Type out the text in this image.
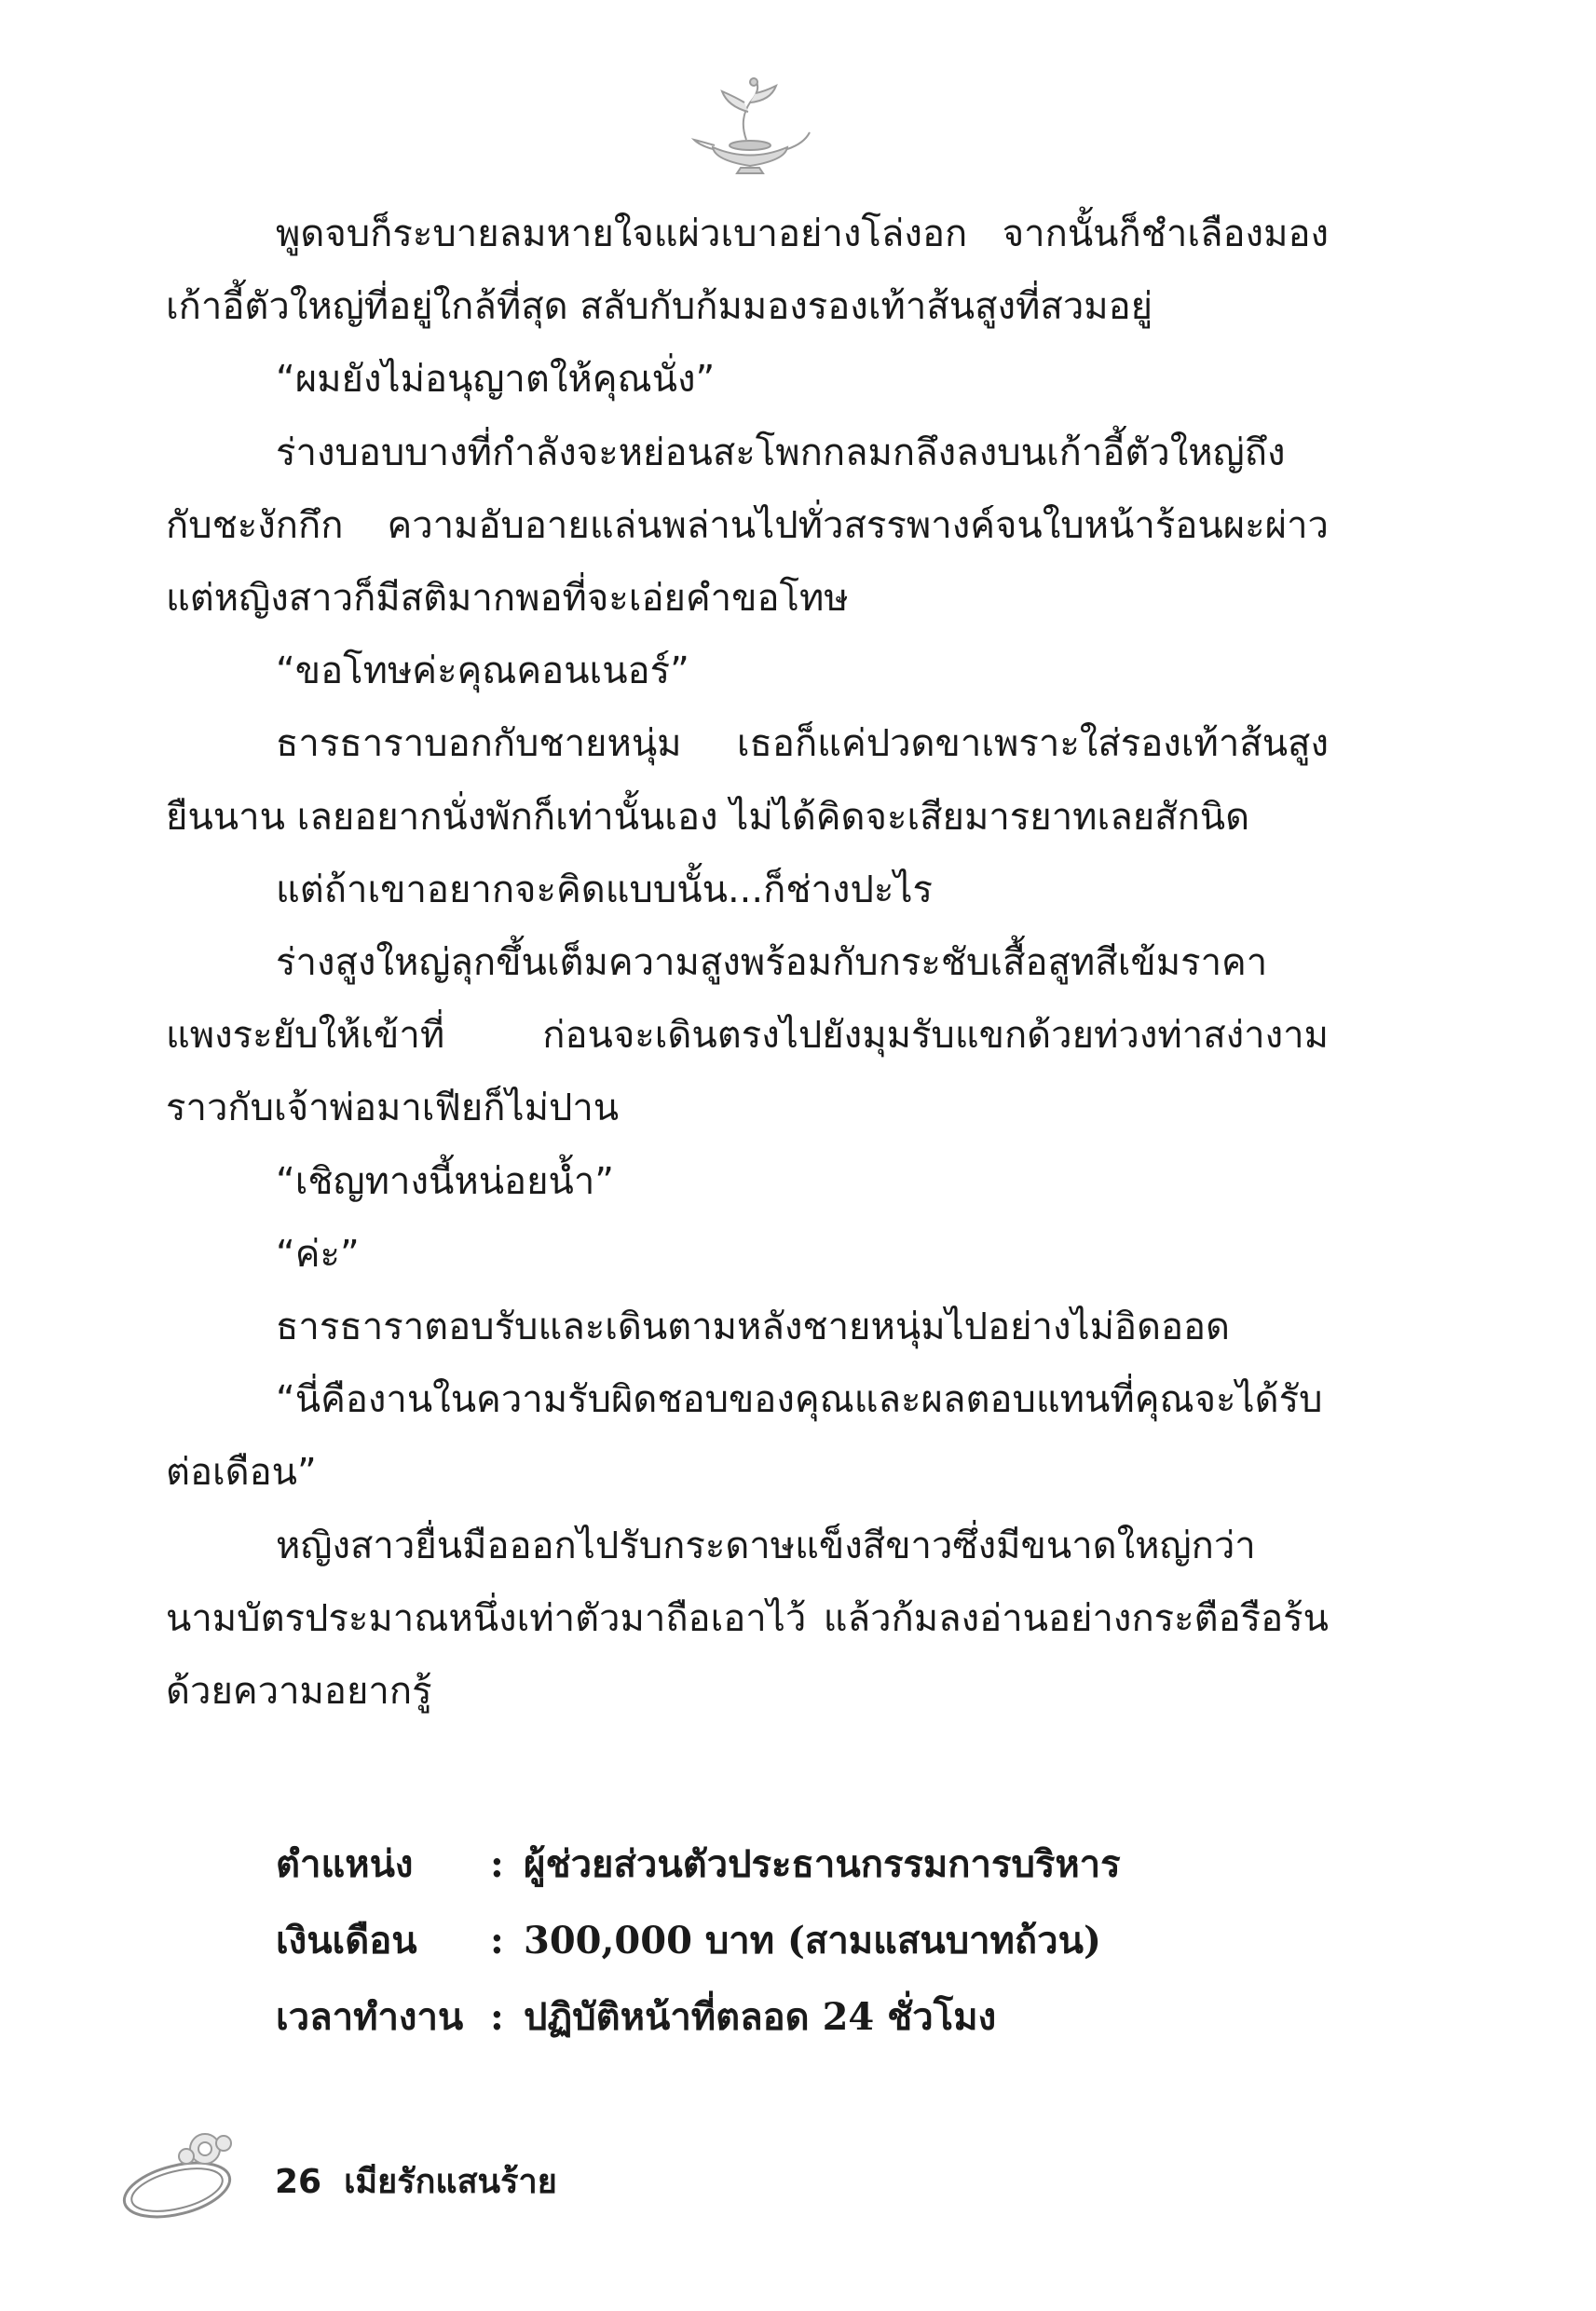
พูดจบก็ระบายลมหายใจแผ่วเบาอย่างโล่งอก จากนั้นก็ชำเลืองมองเก้าอี้ตัวใหญ่ที่อยู่ใกล้ที่สุด สลับกับก้มมองรองเท้าส้นสูงที่สวมอยู่

“ผมยังไม่อนุญาตให้คุณนั่ง”

ร่างบอบบางที่กำลังจะหย่อนสะโพกกลมกลึงลงบนเก้าอี้ตัวใหญ่ถึงกับชะงักกึก ความอับอายแล่นพล่านไปทั่วสรรพางค์จนใบหน้าร้อนผะผ่าว แต่หญิงสาวก็มีสติมากพอที่จะเอ่ยคำขอโทษ

“ขอโทษค่ะคุณคอนเนอร์”

ธารธาราบอกกับชายหนุ่ม เธอก็แค่ปวดขาเพราะใส่รองเท้าส้นสูงยืนนาน เลยอยากนั่งพักก็เท่านั้นเอง ไม่ได้คิดจะเสียมารยาทเลยสักนิด

แต่ถ้าเขาอยากจะคิดแบบนั้น...ก็ช่างปะไร

ร่างสูงใหญ่ลุกขึ้นเต็มความสูงพร้อมกับกระชับเสื้อสูทสีเข้มราคาแพงระยับให้เข้าที่ ก่อนจะเดินตรงไปยังมุมรับแขกด้วยท่วงท่าสง่างามราวกับเจ้าพ่อมาเฟียก็ไม่ปาน

“เชิญทางนี้หน่อยน้ำ”

“ค่ะ”

ธารธาราตอบรับและเดินตามหลังชายหนุ่มไปอย่างไม่อิดออด

“นี่คืองานในความรับผิดชอบของคุณและผลตอบแทนที่คุณจะได้รับต่อเดือน”

หญิงสาวยื่นมือออกไปรับกระดาษแข็งสีขาวซึ่งมีขนาดใหญ่กว่านามบัตรประมาณหนึ่งเท่าตัวมาถือเอาไว้ แล้วก้มลงอ่านอย่างกระตือรือร้นด้วยความอยากรู้

ตำแหน่ง	: ผู้ช่วยส่วนตัวประธานกรรมการบริหาร
เงินเดือน	: 300,000 บาท (สามแสนบาทถ้วน)
เวลาทำงาน : ปฏิบัติหน้าที่ตลอด 24 ชั่วโมง
26 เมียรักแสนร้าย
